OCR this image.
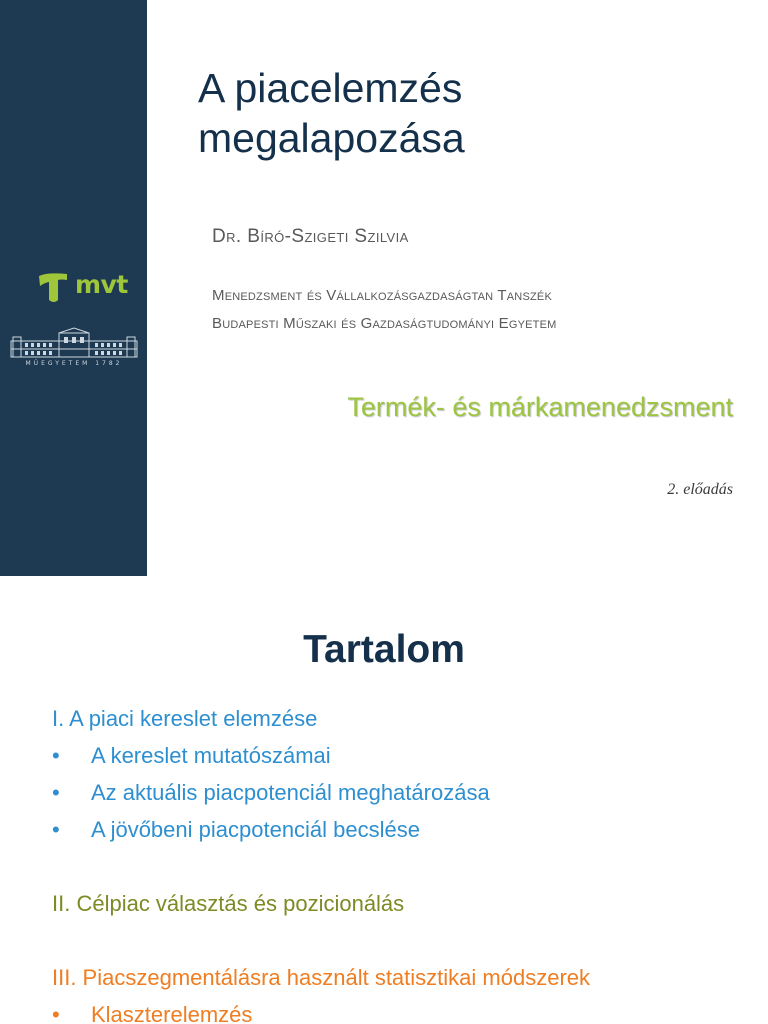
mvt
MŰEGYETEM 1782
A piacelemzés
megalapozása
Dr. Bíró-Szigeti Szilvia
Menedzsment és Vállalkozásgazdaságtan Tanszék
Budapesti Műszaki és Gazdaságtudományi Egyetem
Termék- és márkamenedzsment
2. előadás
Tartalom
I. A piaci kereslet elemzése
• A kereslet mutatószámai
• Az aktuális piacpotenciál meghatározása
• A jövőbeni piacpotenciál becslése
II. Célpiac választás és pozicionálás
III. Piacszegmentálásra használt statisztikai módszerek
• Klaszterelemzés
